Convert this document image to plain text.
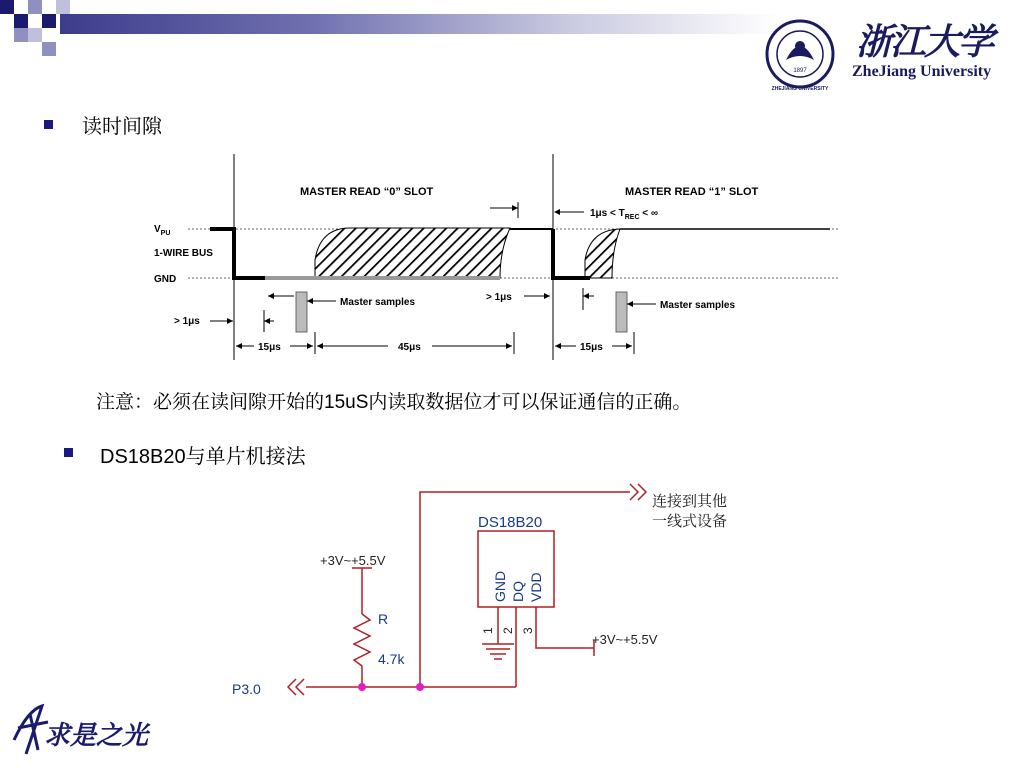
1897
ZHEJIANG UNIVERSITY
浙江大学
ZheJiang University
读时间隙
$V_{PU}$
1-WIRE BUS
GND
MASTER READ “0” SLOT	MASTER READ “1” SLOT
$1\mu s < T_{REC}$ < ∞
Master samples
> 1μs
> 1μs
Master samples
15μs	45μs	15μs
注意：必须在读间隙开始的15uS内读取数据位才可以保证通信的正确。
DS18B20与单片机接法
连接到其他
一线式设备
DS18B20
GND DQ VDD
1 2 3
+3V~+5.5V
+3V~+5.5V
R
4.7k
P3.0
求是之光
